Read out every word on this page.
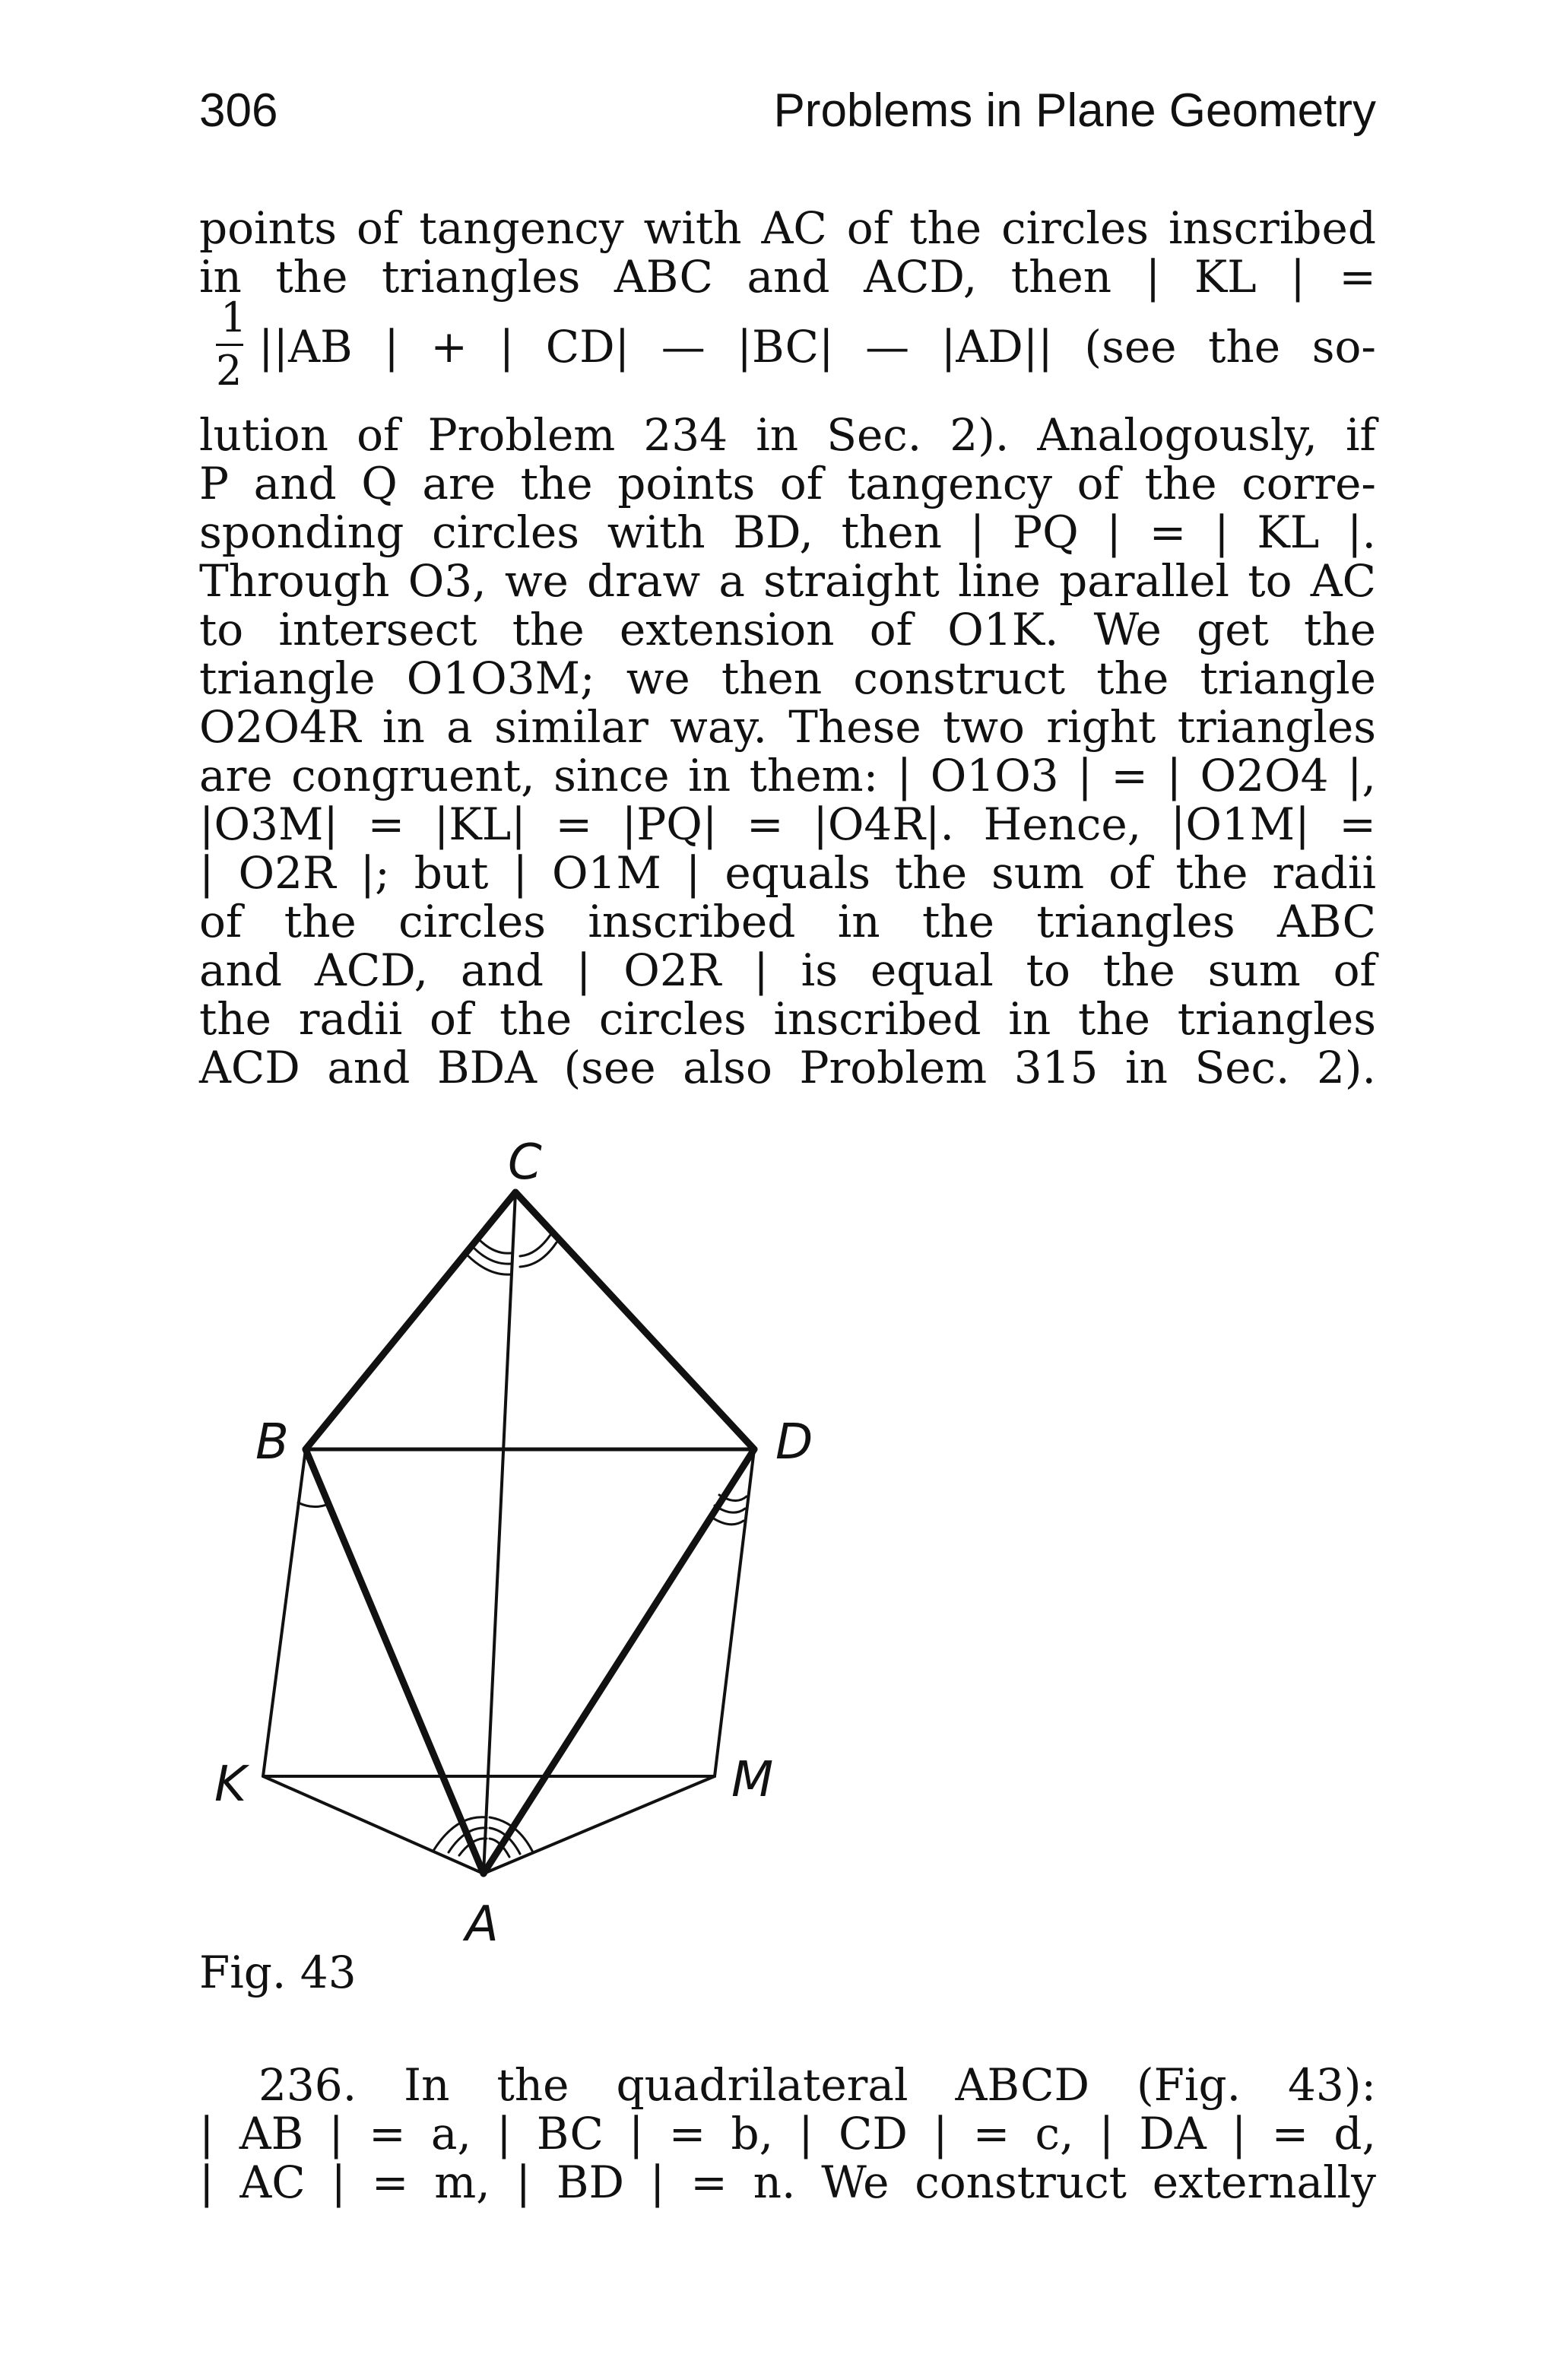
306	Problems in Plane Geometry
points of tangency with AC of the circles inscribed
in the triangles ABC and ACD, then | KL | =
1
2 ||AB | + | CD| — |BC| — |AD|| (see the so-
lution of Problem 234 in Sec. 2). Analogously, if
P and Q are the points of tangency of the corre-
sponding circles with BD, then | PQ | = | KL |.
Through O3, we draw a straight line parallel to AC
to intersect the extension of O1K. We get the
triangle O1O3M; we then construct the triangle
O2O4R in a similar way. These two right triangles
are congruent, since in them: | O1O3 | = | O2O4 |,
|O3M| = |KL| = |PQ| = |O4R|. Hence, |O1M| =
| O2R |; but | O1M | equals the sum of the radii
of the circles inscribed in the triangles ABC
and ACD, and | O2R | is equal to the sum of
the radii of the circles inscribed in the triangles
ACD and BDA (see also Problem 315 in Sec. 2).
C
B	D
K	M
A
Fig. 43
236. In the quadrilateral ABCD (Fig. 43):
| AB | = a, | BC | = b, | CD | = c, | DA | = d,
| AC | = m, | BD | = n. We construct externally
